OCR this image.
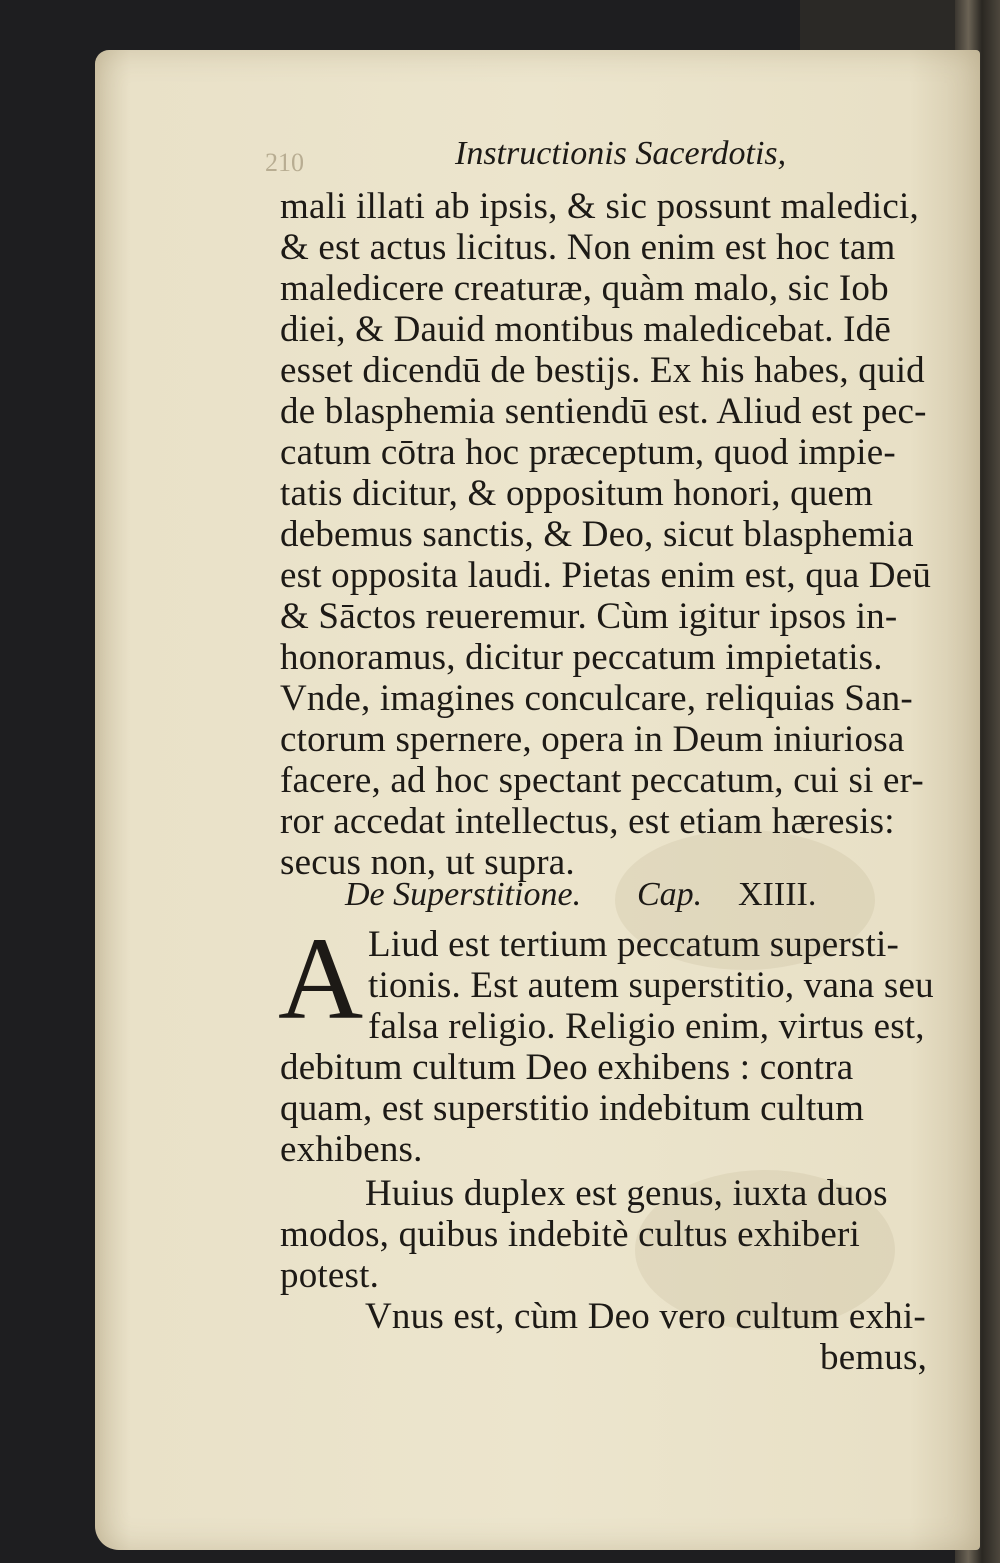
210	Instructionis Sacerdotis,
mali illati ab ipsis, & sic possunt maledici,
& est actus licitus. Non enim est hoc tam
maledicere creaturæ, quàm malo, sic Iob
diei, & Dauid montibus maledicebat. Idē
esset dicendū de bestijs. Ex his habes, quid
de blasphemia sentiendū est. Aliud est pec-
catum cōtra hoc præceptum, quod impie-
tatis dicitur, & oppositum honori, quem
debemus sanctis, & Deo, sicut blasphemia
est opposita laudi. Pietas enim est, qua Deū
& Sāctos reueremur. Cùm igitur ipsos in-
honoramus, dicitur peccatum impietatis.
Vnde, imagines conculcare, reliquias San-
ctorum spernere, opera in Deum iniuriosa
facere, ad hoc spectant peccatum, cui si er-
ror accedat intellectus, est etiam hæresis:
secus non, ut supra.
De Superstitione. Cap. XIIII.
A Liud est tertium peccatum supersti-
tionis. Est autem superstitio, vana seu
falsa religio. Religio enim, virtus est,
debitum cultum Deo exhibens : contra
quam, est superstitio indebitum cultum
exhibens.
Huius duplex est genus, iuxta duos
modos, quibus indebitè cultus exhiberi
potest.
Vnus est, cùm Deo vero cultum exhi-
bemus,
